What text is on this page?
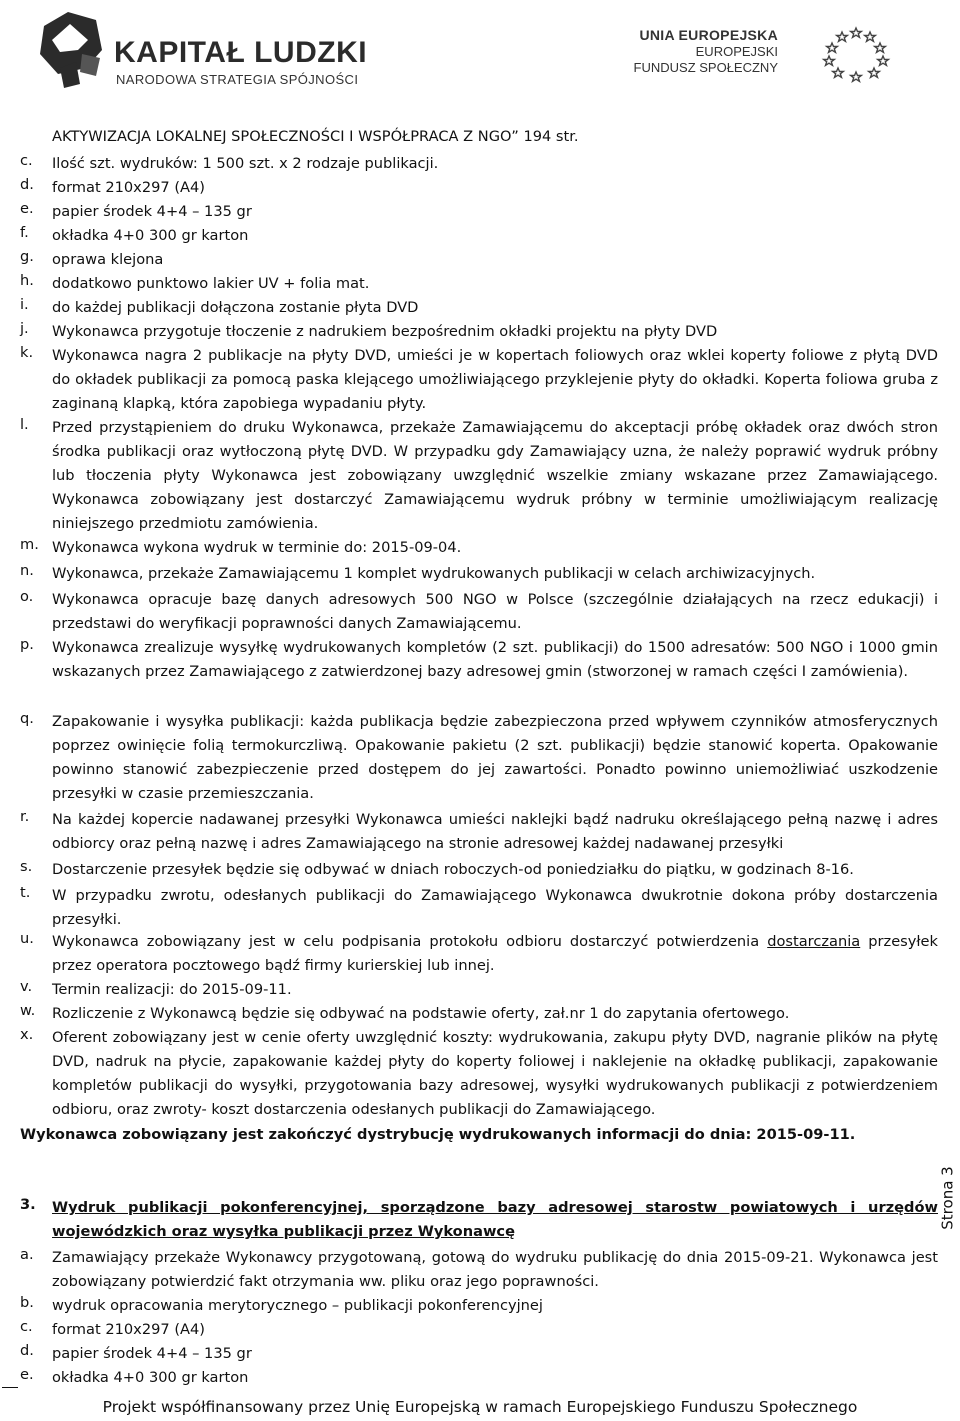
KAPITAŁ LUDZKI
NARODOWA STRATEGIA SPÓJNOŚCI
UNIA EUROPEJSKA
EUROPEJSKI
FUNDUSZ SPOŁECZNY
AKTYWIZACJA LOKALNEJ SPOŁECZNOŚCI I WSPÓŁPRACA Z NGO” 194 str.
c. Ilość szt. wydruków: 1 500 szt. x 2 rodzaje publikacji.
d. format 210x297 (A4)
e. papier środek 4+4 – 135 gr
f. okładka 4+0 300 gr karton
g. oprawa klejona
h. dodatkowo punktowo lakier UV + folia mat.
i. do każdej publikacji dołączona zostanie płyta DVD
j. Wykonawca przygotuje tłoczenie z nadrukiem bezpośrednim okładki projektu na płyty DVD
k. Wykonawca nagra 2 publikacje na płyty DVD, umieści je w kopertach foliowych oraz wklei koperty foliowe z płytą DVD do okładek publikacji za pomocą paska klejącego umożliwiającego przyklejenie płyty do okładki. Koperta foliowa gruba z zaginaną klapką, która zapobiega wypadaniu płyty.
l. Przed przystąpieniem do druku Wykonawca, przekaże Zamawiającemu do akceptacji próbę okładek oraz dwóch stron środka publikacji oraz wytłoczoną płytę DVD. W przypadku gdy Zamawiający uzna, że należy poprawić wydruk próbny lub tłoczenia płyty Wykonawca jest zobowiązany uwzględnić wszelkie zmiany wskazane przez Zamawiającego. Wykonawca zobowiązany jest dostarczyć Zamawiającemu wydruk próbny w terminie umożliwiającym realizację niniejszego przedmiotu zamówienia.
m. Wykonawca wykona wydruk w terminie do: 2015-09-04.
n. Wykonawca, przekaże Zamawiającemu 1 komplet wydrukowanych publikacji w celach archiwizacyjnych.
o. Wykonawca opracuje bazę danych adresowych 500 NGO w Polsce (szczególnie działających na rzecz edukacji) i przedstawi do weryfikacji poprawności danych Zamawiającemu.
p. Wykonawca zrealizuje wysyłkę wydrukowanych kompletów (2 szt. publikacji) do 1500 adresatów: 500 NGO i 1000 gmin wskazanych przez Zamawiającego z zatwierdzonej bazy adresowej gmin (stworzonej w ramach części I zamówienia).
q. Zapakowanie i wysyłka publikacji: każda publikacja będzie zabezpieczona przed wpływem czynników atmosferycznych poprzez owinięcie folią termokurczliwą. Opakowanie pakietu (2 szt. publikacji) będzie stanowić koperta. Opakowanie powinno stanowić zabezpieczenie przed dostępem do jej zawartości. Ponadto powinno uniemożliwiać uszkodzenie przesyłki w czasie przemieszczania.
r. Na każdej kopercie nadawanej przesyłki Wykonawca umieści naklejki bądź nadruku określającego pełną nazwę i adres odbiorcy oraz pełną nazwę i adres Zamawiającego na stronie adresowej każdej nadawanej przesyłki
s. Dostarczenie przesyłek będzie się odbywać w dniach roboczych-od poniedziałku do piątku, w godzinach 8-16.
t. W przypadku zwrotu, odesłanych publikacji do Zamawiającego Wykonawca dwukrotnie dokona próby dostarczenia przesyłki.
u. Wykonawca zobowiązany jest w celu podpisania protokołu odbioru dostarczyć potwierdzenia dostarczania przesyłek przez operatora pocztowego bądź firmy kurierskiej lub innej.
v. Termin realizacji: do 2015-09-11.
w. Rozliczenie z Wykonawcą będzie się odbywać na podstawie oferty, zał.nr 1 do zapytania ofertowego.
x. Oferent zobowiązany jest w cenie oferty uwzględnić koszty: wydrukowania, zakupu płyty DVD, nagranie plików na płytę DVD, nadruk na płycie, zapakowanie każdej płyty do koperty foliowej i naklejenie na okładkę publikacji, zapakowanie kompletów publikacji do wysyłki, przygotowania bazy adresowej, wysyłki wydrukowanych publikacji z potwierdzeniem odbioru, oraz zwroty- koszt dostarczenia odesłanych publikacji do Zamawiającego.
Wykonawca zobowiązany jest zakończyć dystrybucję wydrukowanych informacji do dnia: 2015-09-11.
3. Wydruk publikacji pokonferencyjnej, sporządzone bazy adresowej starostw powiatowych i urzędów wojewódzkich oraz wysyłka publikacji przez Wykonawcę
a. Zamawiający przekaże Wykonawcy przygotowaną, gotową do wydruku publikację do dnia 2015-09-21. Wykonawca jest zobowiązany potwierdzić fakt otrzymania ww. pliku oraz jego poprawności.
b. wydruk opracowania merytorycznego – publikacji pokonferencyjnej
c. format 210x297 (A4)
d. papier środek 4+4 – 135 gr
e. okładka 4+0 300 gr karton
Strona 3
Projekt współfinansowany przez Unię Europejską w ramach Europejskiego Funduszu Społecznego
